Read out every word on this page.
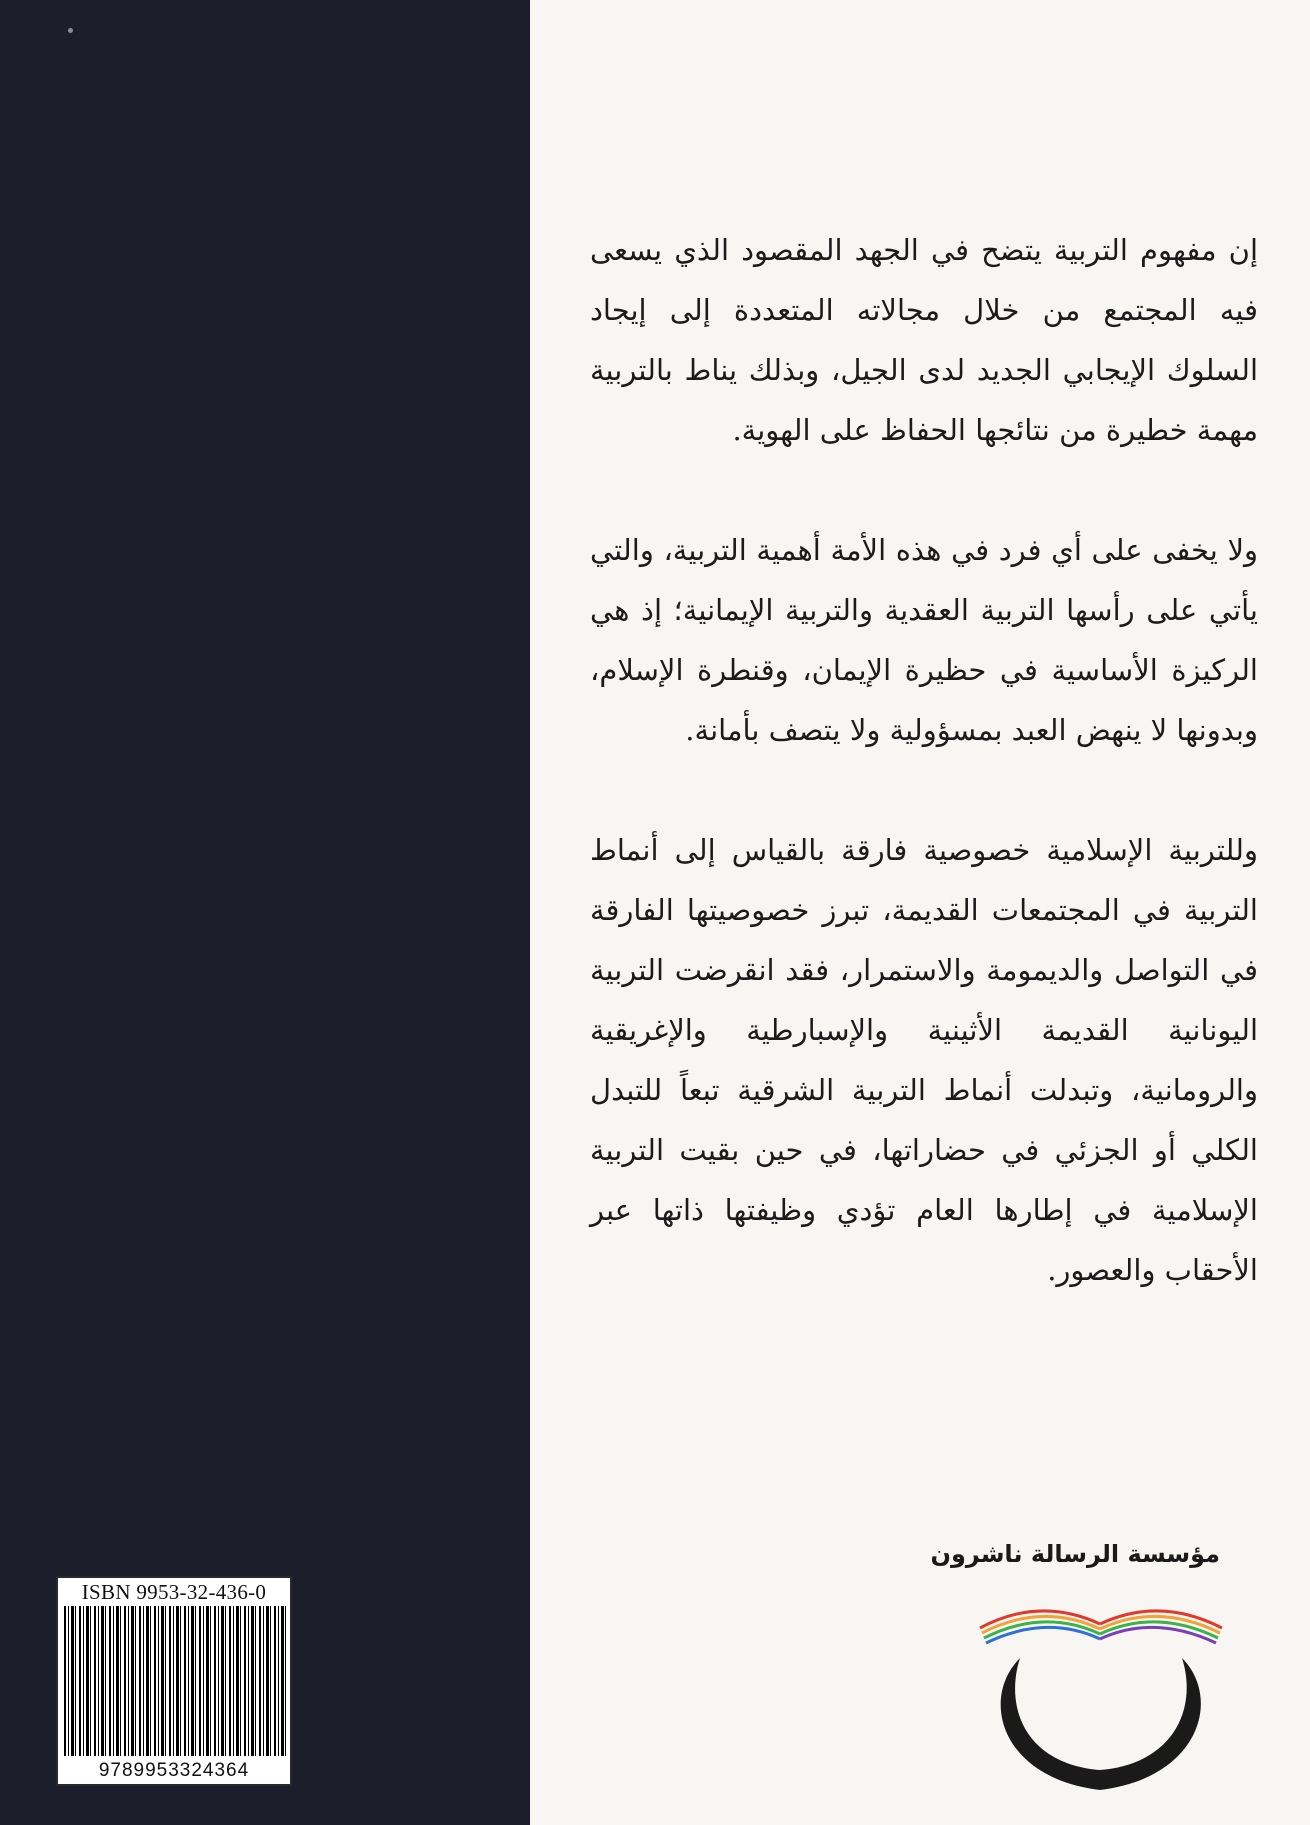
إن مفهوم التربية يتضح في الجهد المقصود الذي يسعى فيه المجتمع من خلال مجالاته المتعددة إلى إيجاد السلوك الإيجابي الجديد لدى الجيل، وبذلك يناط بالتربية مهمة خطيرة من نتائجها الحفاظ على الهوية.

ولا يخفى على أي فرد في هذه الأمة أهمية التربية، والتي يأتي على رأسها التربية العقدية والتربية الإيمانية؛ إذ هي الركيزة الأساسية في حظيرة الإيمان، وقنطرة الإسلام، وبدونها لا ينهض العبد بمسؤولية ولا يتصف بأمانة.

وللتربية الإسلامية خصوصية فارقة بالقياس إلى أنماط التربية في المجتمعات القديمة، تبرز خصوصيتها الفارقة في التواصل والديمومة والاستمرار، فقد انقرضت التربية اليونانية القديمة الأثينية والإسبارطية والإغريقية والرومانية، وتبدلت أنماط التربية الشرقية تبعاً للتبدل الكلي أو الجزئي في حضاراتها، في حين بقيت التربية الإسلامية في إطارها العام تؤدي وظيفتها ذاتها عبر الأحقاب والعصور.

ISBN 9953-32-436-0
9789953324364
مؤسسة الرسالة ناشرون
